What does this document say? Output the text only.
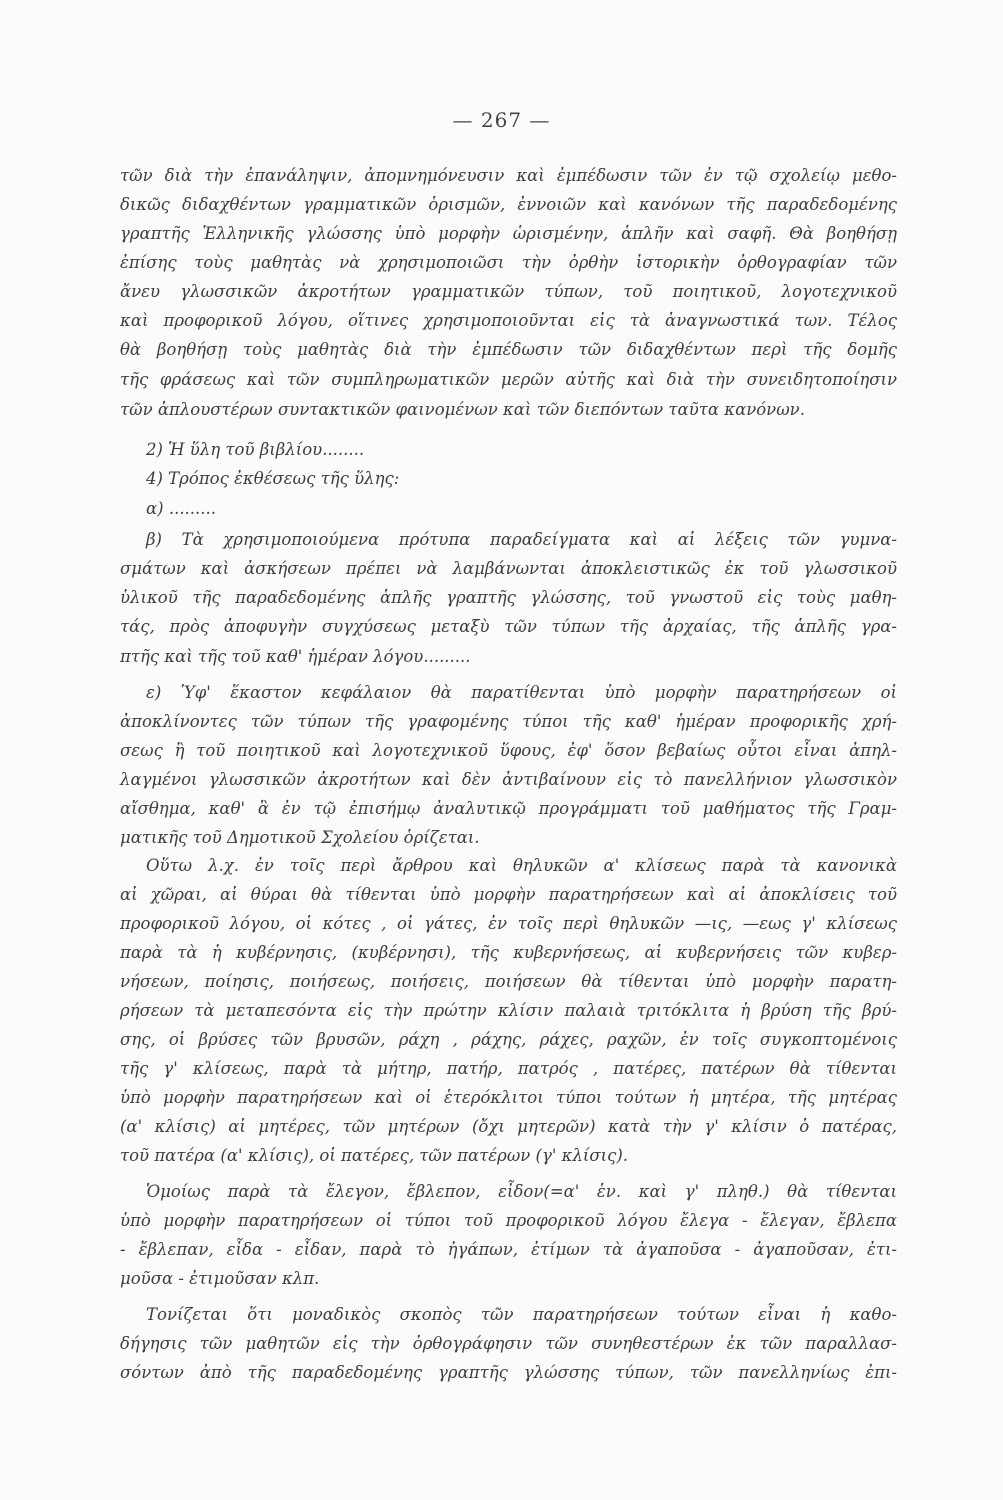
— 267 —
τῶν διὰ τὴν ἐπανάληψιν, ἀπομνημόνευσιν καὶ ἐμπέδωσιν τῶν ἐν τῷ σχολείῳ μεθο-
δικῶς διδαχθέντων γραμματικῶν ὁρισμῶν, ἐννοιῶν καὶ κανόνων τῆς παραδεδομένης
γραπτῆς Ἑλληνικῆς γλώσσης ὑπὸ μορφὴν ὡρισμένην, ἁπλῆν καὶ σαφῆ. Θὰ βοηθήσῃ
ἐπίσης τοὺς μαθητὰς νὰ χρησιμοποιῶσι τὴν ὀρθὴν ἱστορικὴν ὀρθογραφίαν τῶν
ἄνευ γλωσσικῶν ἀκροτήτων γραμματικῶν τύπων, τοῦ ποιητικοῦ, λογοτεχνικοῦ
καὶ προφορικοῦ λόγου, οἵτινες χρησιμοποιοῦνται εἰς τὰ ἀναγνωστικά των. Τέλος
θὰ βοηθήσῃ τοὺς μαθητὰς διὰ τὴν ἐμπέδωσιν τῶν διδαχθέντων περὶ τῆς δομῆς
τῆς φράσεως καὶ τῶν συμπληρωματικῶν μερῶν αὐτῆς καὶ διὰ τὴν συνειδητοποίησιν
τῶν ἁπλουστέρων συντακτικῶν φαινομένων καὶ τῶν διεπόντων ταῦτα κανόνων.
2) Ἡ ὕλη τοῦ βιβλίου........
4) Τρόπος ἐκθέσεως τῆς ὕλης:
α) .........
β) Τὰ χρησιμοποιούμενα πρότυπα παραδείγματα καὶ αἱ λέξεις τῶν γυμνα-
σμάτων καὶ ἀσκήσεων πρέπει νὰ λαμβάνωνται ἀποκλειστικῶς ἐκ τοῦ γλωσσικοῦ
ὑλικοῦ τῆς παραδεδομένης ἁπλῆς γραπτῆς γλώσσης, τοῦ γνωστοῦ εἰς τοὺς μαθη-
τάς, πρὸς ἀποφυγὴν συγχύσεως μεταξὺ τῶν τύπων τῆς ἀρχαίας, τῆς ἁπλῆς γρα-
πτῆς καὶ τῆς τοῦ καθ' ἡμέραν λόγου.........
ε) Ὑφ' ἕκαστον κεφάλαιον θὰ παρατίθενται ὑπὸ μορφὴν παρατηρήσεων οἱ
ἀποκλίνοντες τῶν τύπων τῆς γραφομένης τύποι τῆς καθ' ἡμέραν προφορικῆς χρή-
σεως ἢ τοῦ ποιητικοῦ καὶ λογοτεχνικοῦ ὕφους, ἐφ' ὅσον βεβαίως οὗτοι εἶναι ἀπηλ-
λαγμένοι γλωσσικῶν ἀκροτήτων καὶ δὲν ἀντιβαίνουν εἰς τὸ πανελλήνιον γλωσσικὸν
αἴσθημα, καθ' ἃ ἐν τῷ ἐπισήμῳ ἀναλυτικῷ προγράμματι τοῦ μαθήματος τῆς Γραμ-
ματικῆς τοῦ Δημοτικοῦ Σχολείου ὁρίζεται.
Οὕτω λ.χ. ἐν τοῖς περὶ ἄρθρου καὶ θηλυκῶν α' κλίσεως παρὰ τὰ κανονικὰ
αἱ χῶραι, αἱ θύραι θὰ τίθενται ὑπὸ μορφὴν παρατηρήσεων καὶ αἱ ἀποκλίσεις τοῦ
προφορικοῦ λόγου, οἱ κότες , οἱ γάτες, ἐν τοῖς περὶ θηλυκῶν —ις, —εως γ' κλίσεως
παρὰ τὰ ἡ κυβέρνησις, (κυβέρνησι), τῆς κυβερνήσεως, αἱ κυβερνήσεις τῶν κυβερ-
νήσεων, ποίησις, ποιήσεως, ποιήσεις, ποιήσεων θὰ τίθενται ὑπὸ μορφὴν παρατη-
ρήσεων τὰ μεταπεσόντα εἰς τὴν πρώτην κλίσιν παλαιὰ τριτόκλιτα ἡ βρύση τῆς βρύ-
σης, οἱ βρύσες τῶν βρυσῶν, ράχη , ράχης, ράχες, ραχῶν, ἐν τοῖς συγκοπτομένοις
τῆς γ' κλίσεως, παρὰ τὰ μήτηρ, πατήρ, πατρός , πατέρες, πατέρων θὰ τίθενται
ὑπὸ μορφὴν παρατηρήσεων καὶ οἱ ἑτερόκλιτοι τύποι τούτων ἡ μητέρα, τῆς μητέρας
(α' κλίσις) αἱ μητέρες, τῶν μητέρων (ὄχι μητερῶν) κατὰ τὴν γ' κλίσιν ὁ πατέρας,
τοῦ πατέρα (α' κλίσις), οἱ πατέρες, τῶν πατέρων (γ' κλίσις).
Ὁμοίως παρὰ τὰ ἔλεγον, ἔβλεπον, εἶδον(=α' ἑν. καὶ γ' πληθ.) θὰ τίθενται
ὑπὸ μορφὴν παρατηρήσεων οἱ τύποι τοῦ προφορικοῦ λόγου ἔλεγα - ἔλεγαν, ἔβλεπα
- ἔβλεπαν, εἶδα - εἶδαν, παρὰ τὸ ἠγάπων, ἐτίμων τὰ ἀγαποῦσα - ἀγαποῦσαν, ἐτι-
μοῦσα - ἐτιμοῦσαν κλπ.
Τονίζεται ὅτι μοναδικὸς σκοπὸς τῶν παρατηρήσεων τούτων εἶναι ἡ καθο-
δήγησις τῶν μαθητῶν εἰς τὴν ὀρθογράφησιν τῶν συνηθεστέρων ἐκ τῶν παραλλασ-
σόντων ἀπὸ τῆς παραδεδομένης γραπτῆς γλώσσης τύπων, τῶν πανελληνίως ἐπι-
